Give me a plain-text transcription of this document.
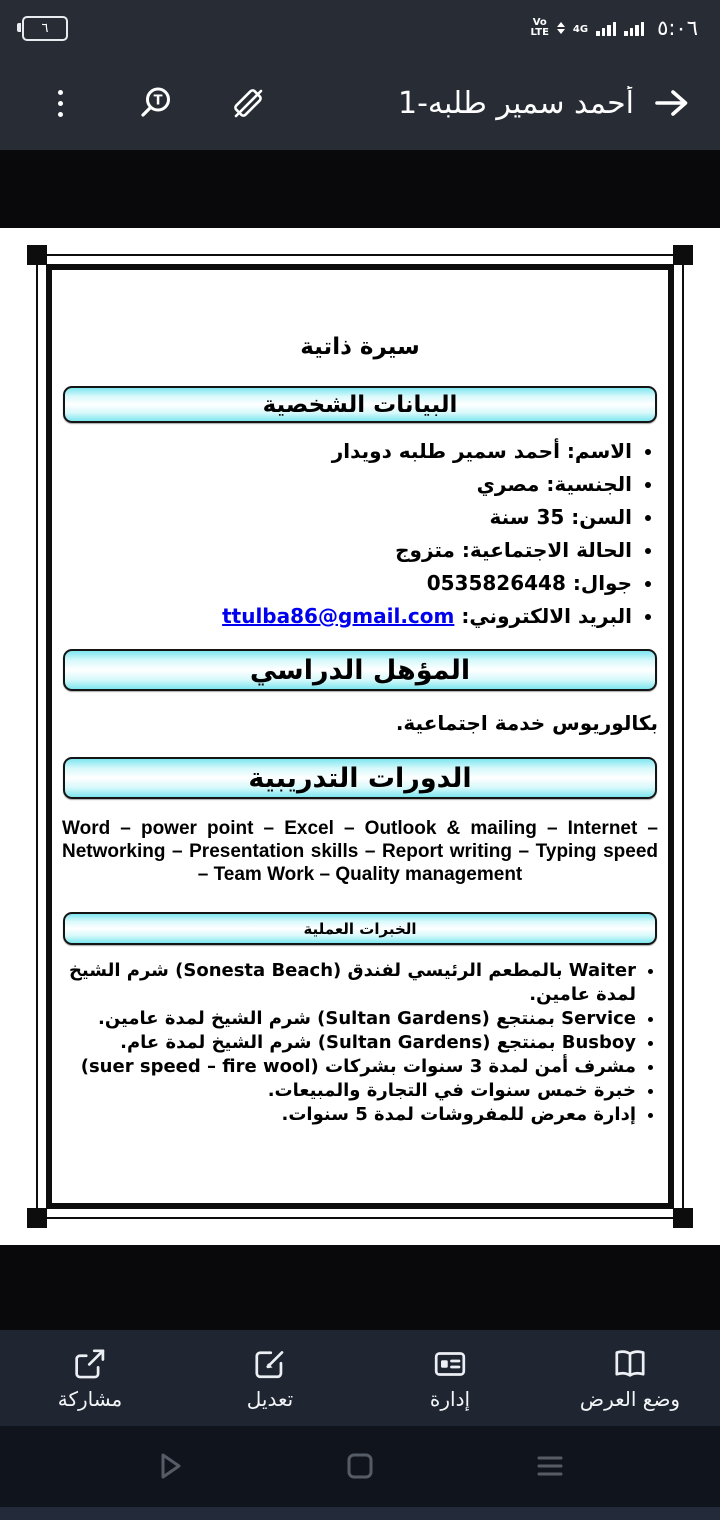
٦	Vo
LTE 4G	٥:٠٦
أحمد سمير طلبه-1
T
سيرة ذاتية
البيانات الشخصية
• الاسم: أحمد سمير طلبه دويدار
• الجنسية: مصري
• السن: 35 سنة
• الحالة الاجتماعية: متزوج
• جوال: 0535826448
• البريد الالكتروني: ttulba86@gmail.com
المؤهل الدراسي
بكالوريوس خدمة اجتماعية.
الدورات التدريبية

Word – power point – Excel – Outlook & mailing – Internet – Networking – Presentation skills – Report writing – Typing speed – Team Work – Quality management

الخبرات العملية
• Waiter بالمطعم الرئيسي لفندق (Sonesta Beach) شرم الشيخ لمدة عامين.
• Service بمنتجع (Sultan Gardens) شرم الشيخ لمدة عامين.
• Busboy بمنتجع (Sultan Gardens) شرم الشيخ لمدة عام.
• مشرف أمن لمدة 3 سنوات بشركات (suer speed – fire wool)
• خبرة خمس سنوات في التجارة والمبيعات.
• إدارة معرض للمفروشات لمدة 5 سنوات.
وضع العرض
إدارة
تعديل
مشاركة
